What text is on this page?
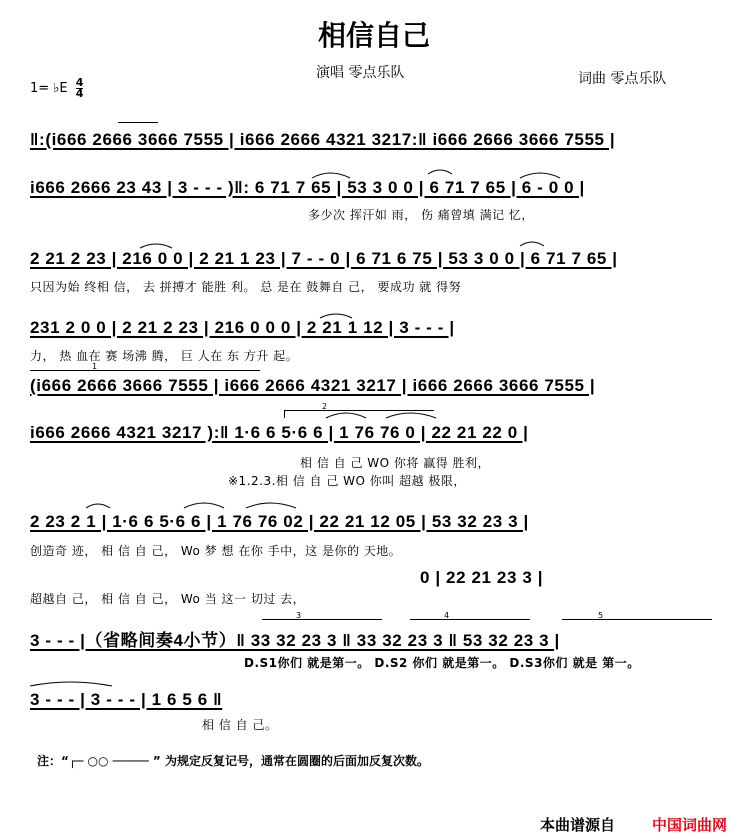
相信自己
演唱 零点乐队	词曲 零点乐队
1= ♭E $\frac{4}{4}$
‖:(i666 2666 3666 7555 | i666 2666 4321 3217:‖ i666 2666 3666 7555 |
i666 2666 23 43 | 3 - - - )‖: 6 71 7 65 | 53 3 0 0 | 6 71 7 65 | 6 - 0 0 |
多少次 挥汗如 雨， 伤 痛曾填 满记 忆，
2 21 2 23 | 216 0 0 | 2 21 1 23 | 7 - - 0 | 6 71 6 75 | 53 3 0 0 | 6 71 7 65 |
只因为始 终相 信， 去 拼搏才 能胜 利。 总 是在 鼓舞自 己， 要成功 就 得努
231 2 0 0 | 2 21 2 23 | 216 0 0 0 | 2 21 1 12 | 3 - - - |
力， 热 血在 赛 场沸 腾， 巨 人在 东 方升 起。
(i666 2666 3666 7555 | i666 2666 4321 3217 | i666 2666 3666 7555 |
i666 2666 4321 3217 ):‖ 1·6 6 5·6 6 | 1 76 76 0 | 22 21 22 0 |
相 信 自 己 WO 你将 赢得 胜利，
※1.2.3.相 信 自 己 WO 你叫 超越 极限，
2 23 2 1 | 1·6 6 5·6 6 | 1 76 76 02 | 22 21 12 05 | 53 32 23 3 |
创造奇 迹， 相 信 自 己， Wo 梦 想 在你 手中，这 是你的 天地。
0 | 22 21 23 3 |
超越自 己， 相 信 自 己， Wo 当 这一 切过 去，
3 - - - |（省略间奏4小节）‖ 33 32 23 3 ‖ 33 32 23 3 ‖ 53 32 23 3 |
D.S1你们 就是第一。 D.S2 你们 就是第一。 D.S3你们 就是 第一。
3 - - - | 3 - - - | 1 6 5 6 ‖
相 信 自 己。
1
2
3	4	5
注：“┌─ ○○ ───── ” 为规定反复记号，通常在圆圈的后面加反复次数。
本曲谱源自 中国词曲网
